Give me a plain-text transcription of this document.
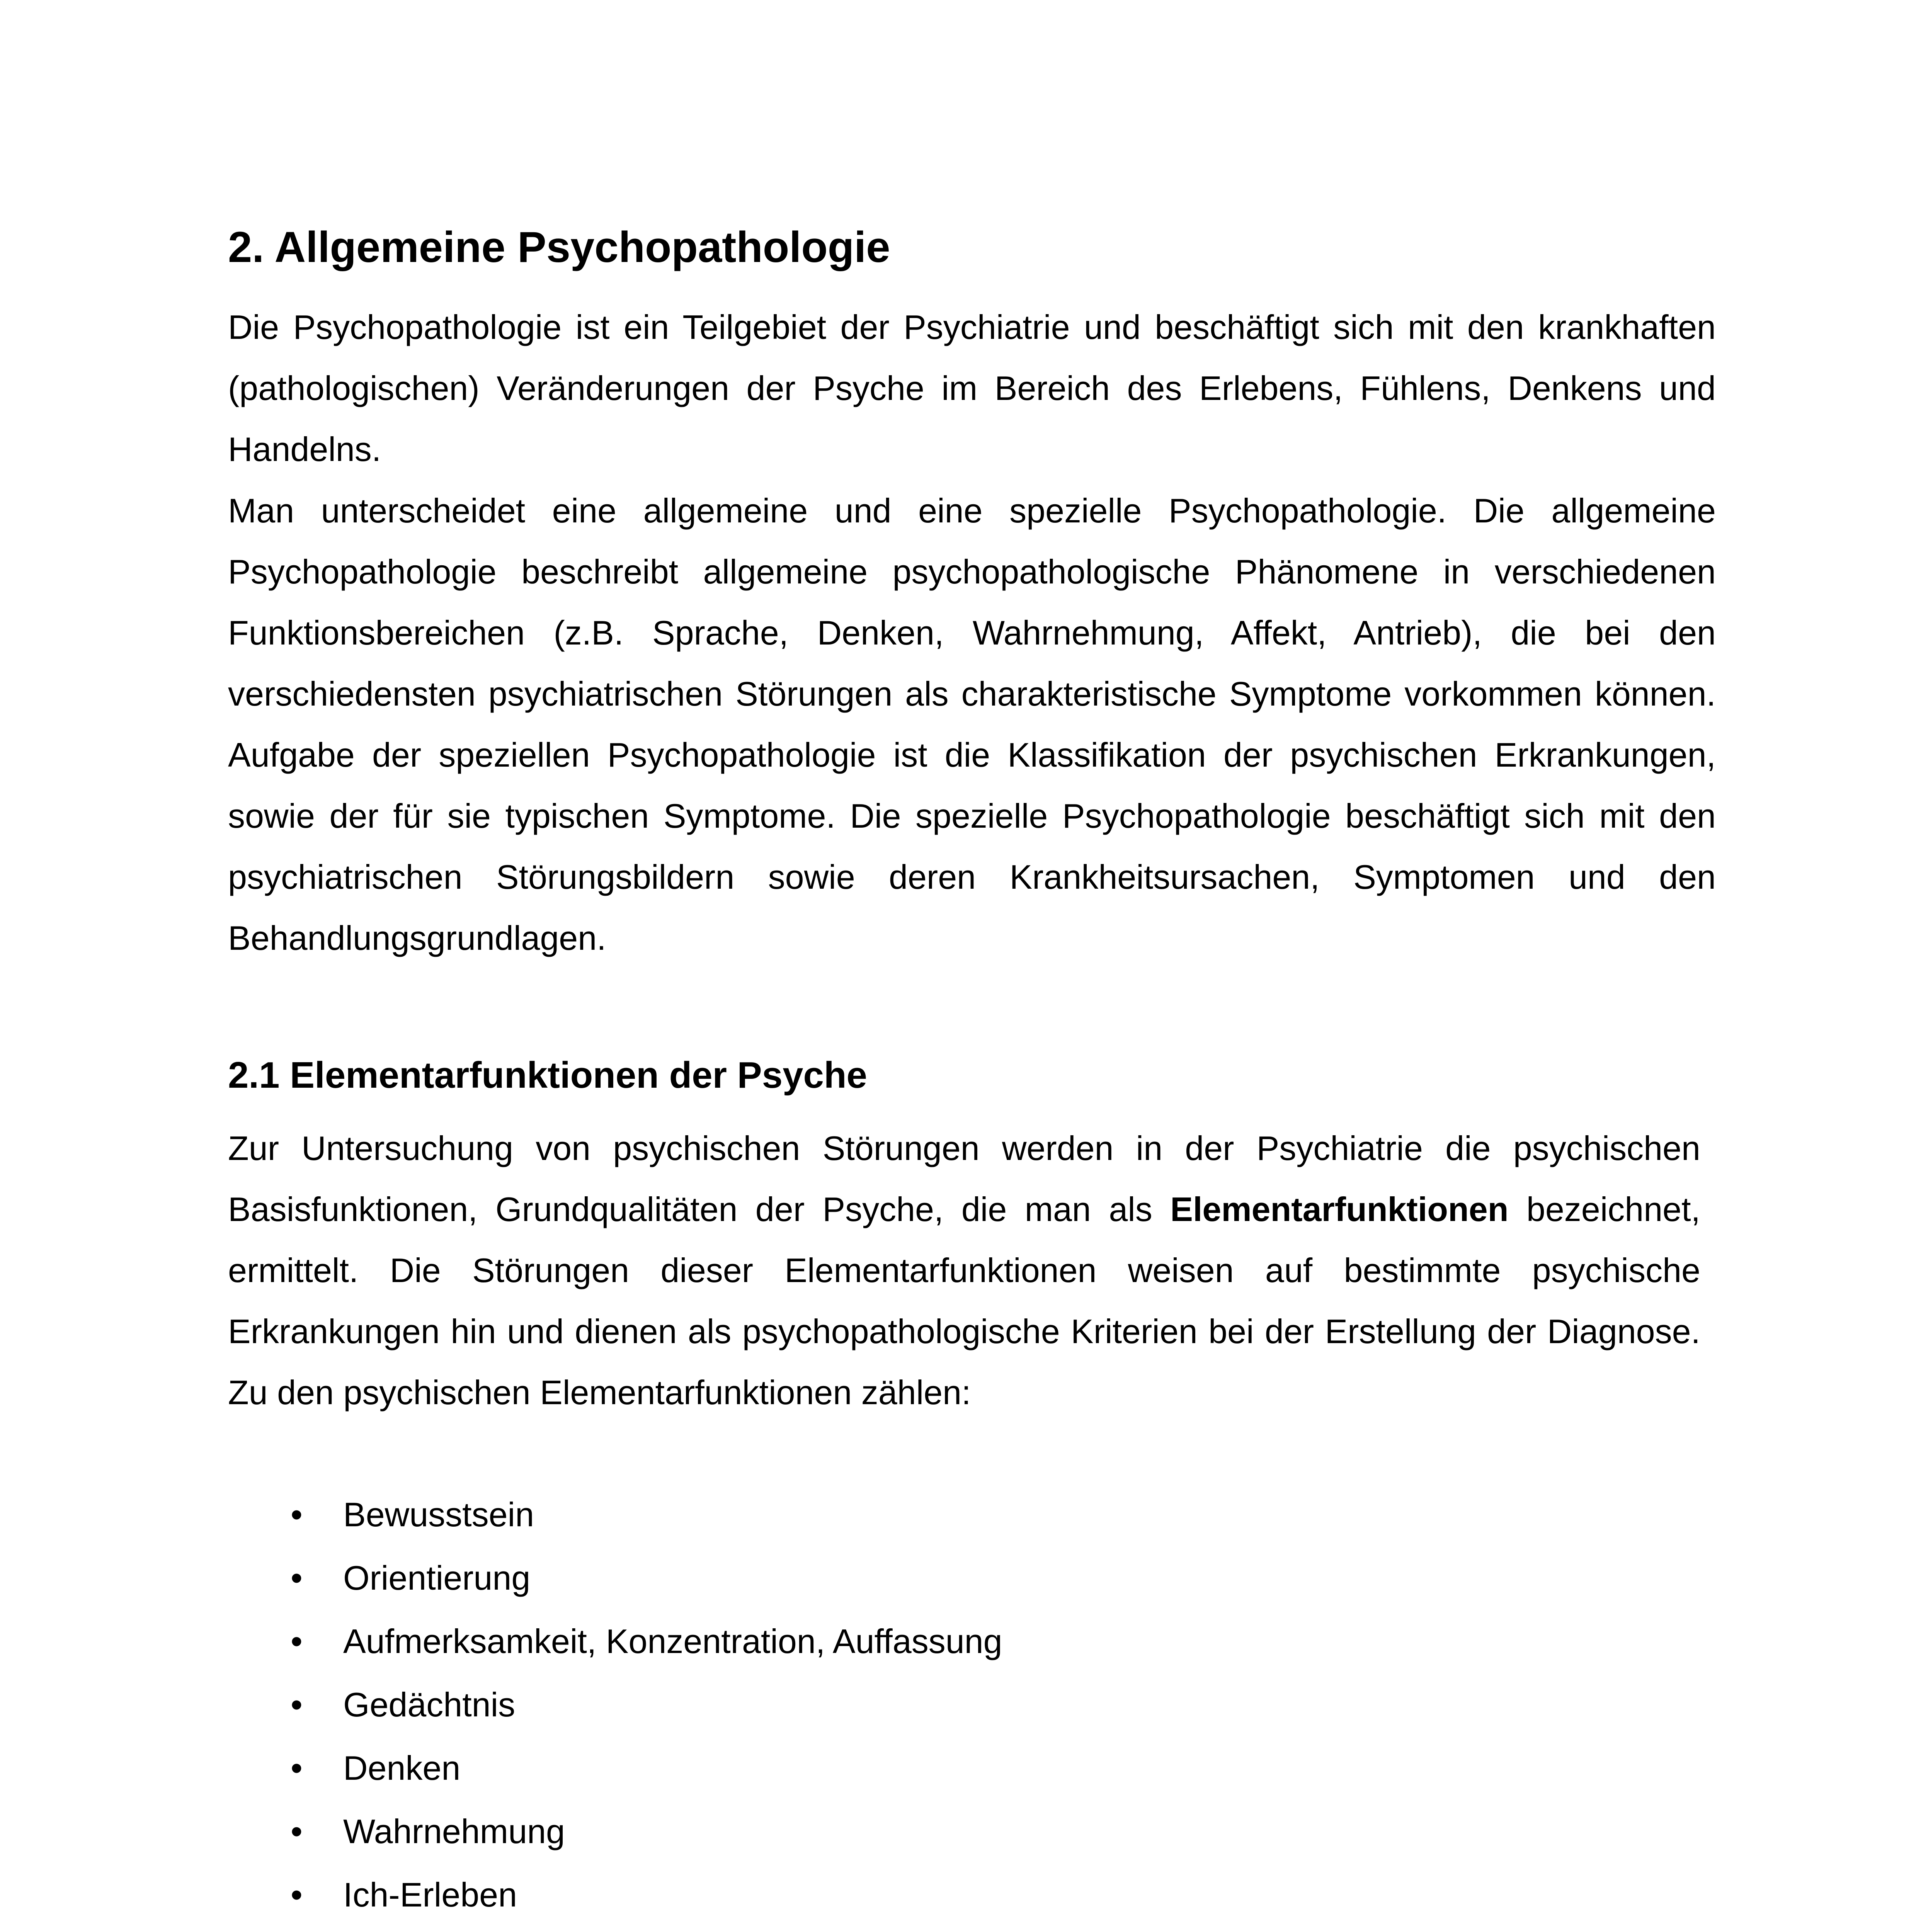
2. Allgemeine Psychopathologie

Die Psychopathologie ist ein Teilgebiet der Psychiatrie und beschäftigt sich mit den krankhaften (pathologischen) Veränderungen der Psyche im Bereich des Erlebens, Fühlens, Denkens und Handelns.

Man unterscheidet eine allgemeine und eine spezielle Psychopathologie. Die allgemeine Psychopathologie beschreibt allgemeine psychopathologische Phänomene in verschiedenen Funktionsbereichen (z.B. Sprache, Denken, Wahrnehmung, Affekt, Antrieb), die bei den verschiedensten psychiatrischen Störungen als charakteristische Symptome vorkommen können. Aufgabe der speziellen Psychopathologie ist die Klassifikation der psychischen Erkrankungen, sowie der für sie typischen Symptome. Die spezielle Psychopathologie beschäftigt sich mit den psychiatrischen Störungsbildern sowie deren Krankheitsursachen, Symptomen und den Behandlungsgrundlagen.

2.1 Elementarfunktionen der Psyche

Zur Untersuchung von psychischen Störungen werden in der Psychiatrie die psychischen Basisfunktionen, Grundqualitäten der Psyche, die man als Elementarfunktionen bezeichnet, ermittelt. Die Störungen dieser Elementarfunktionen weisen auf bestimmte psychische Erkrankungen hin und dienen als psychopathologische Kriterien bei der Erstellung der Diagnose. Zu den psychischen Elementarfunktionen zählen:

• Bewusstsein
• Orientierung
• Aufmerksamkeit, Konzentration, Auffassung
• Gedächtnis
• Denken
• Wahrnehmung
• Ich-Erleben
